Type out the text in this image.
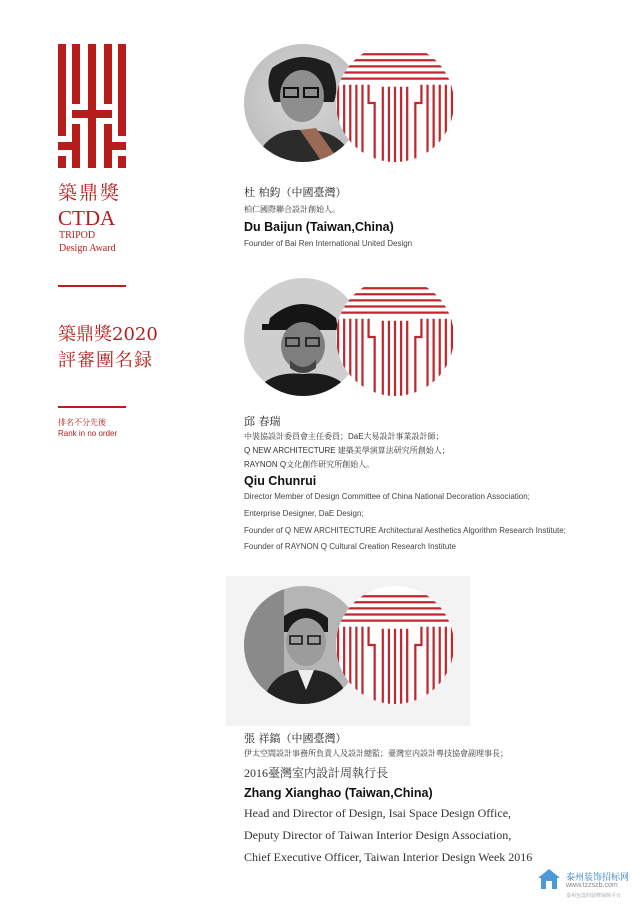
築鼎獎
CTDA
TRIPOD
Design Award
築鼎獎2020
評審團名録
排名不分先後
Rank in no order
杜 柏鈞（中國臺灣）
柏仁國際聯合設計創始人。
Du Baijun (Taiwan,China)
Founder of Bai Ren International United Design
邱 春瑞
中裝協設計委員會主任委員；DaE大易設計事業設計師；
Q NEW ARCHITECTURE 建築美學演算法研究所創始人；
RAYNON Q文化創作研究所創始人。
Qiu Chunrui
Director Member of Design Committee of China National Decoration Association;
Enterprise Designer, DaE Design;
Founder of Q NEW ARCHITECTURE Architectural Aesthetics Algorithm Research Institute;
Founder of RAYNON Q Cultural Creation Research Institute
張 祥鎬（中國臺灣）
伊太空間設計事務所負責人及設計總監；臺灣室内設計專技協會副理事長；
2016臺灣室内設計周執行長
Zhang Xianghao (Taiwan,China)
Head and Director of Design, Isai Space Design Office,
Deputy Director of Taiwan Interior Design Association,
Chief Executive Officer, Taiwan Interior Design Week 2016
泰州装饰招标网
www.tzzszb.com
泰州包设的装修保障平台
